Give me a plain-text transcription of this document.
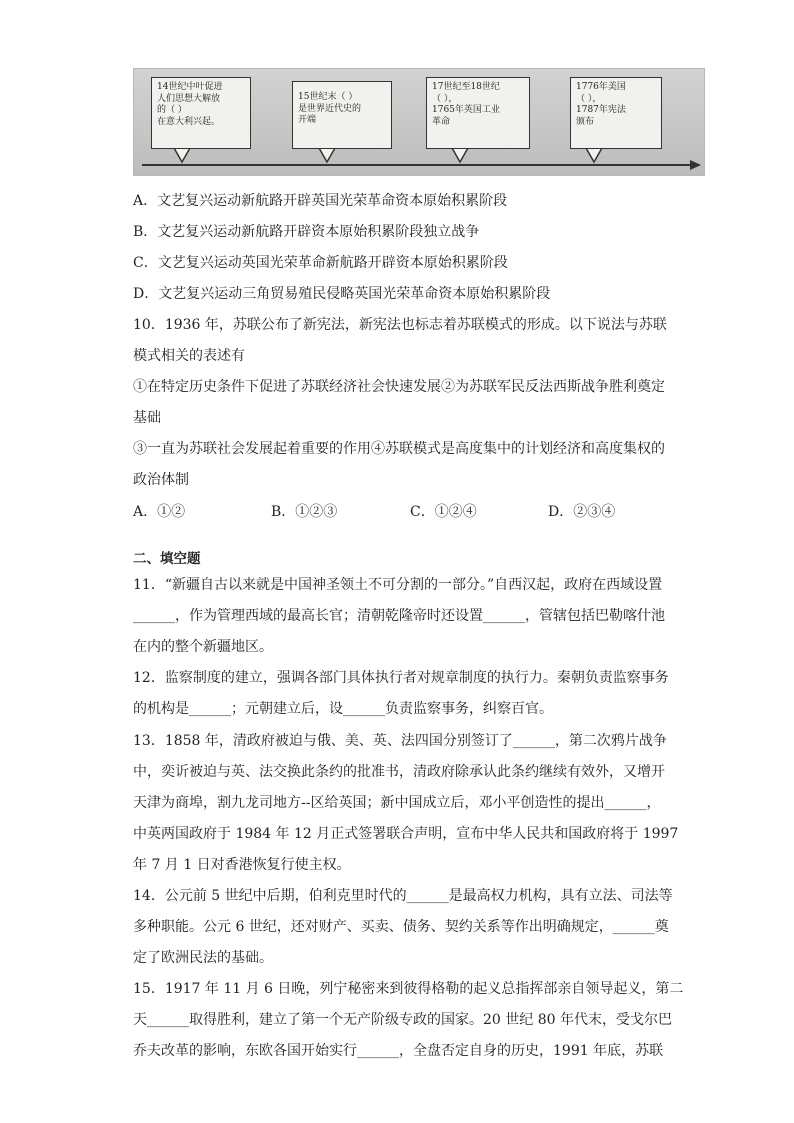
14世纪中叶促进
人们思想大解放
的（ ）
在意大利兴起。
15世纪末（ ）
是世界近代史的
开端
17世纪至18世纪
（ ），
1765年英国工业
革命
1776年美国
（ ），
1787年宪法
颁布
A．文艺复兴运动新航路开辟英国光荣革命资本原始积累阶段
B．文艺复兴运动新航路开辟资本原始积累阶段独立战争
C．文艺复兴运动英国光荣革命新航路开辟资本原始积累阶段
D．文艺复兴运动三角贸易殖民侵略英国光荣革命资本原始积累阶段
10．1936 年，苏联公布了新宪法，新宪法也标志着苏联模式的形成。以下说法与苏联
模式相关的表述有
①在特定历史条件下促进了苏联经济社会快速发展②为苏联军民反法西斯战争胜利奠定
基础
③一直为苏联社会发展起着重要的作用④苏联模式是高度集中的计划经济和高度集权的
政治体制
A．①②	B．①②③	C．①②④	D．②③④
二、填空题
11．“新疆自古以来就是中国神圣领土不可分割的一部分。”自西汉起，政府在西域设置
______，作为管理西域的最高长官；清朝乾隆帝时还设置______，管辖包括巴勒喀什池
在内的整个新疆地区。
12．监察制度的建立，强调各部门具体执行者对规章制度的执行力。秦朝负责监察事务
的机构是______；元朝建立后，设______负责监察事务，纠察百官。
13．1858 年，清政府被迫与俄、美、英、法四国分别签订了______，第二次鸦片战争
中，奕䜣被迫与英、法交换此条约的批准书，清政府除承认此条约继续有效外，又增开
天津为商埠，割九龙司地方--区给英国；新中国成立后，邓小平创造性的提出______，
中英两国政府于 1984 年 12 月正式签署联合声明，宣布中华人民共和国政府将于 1997
年 7 月 1 日对香港恢复行使主权。
14．公元前 5 世纪中后期，伯利克里时代的______是最高权力机构，具有立法、司法等
多种职能。公元 6 世纪，还对财产、买卖、债务、契约关系等作出明确规定，______奠
定了欧洲民法的基础。
15．1917 年 11 月 6 日晚，列宁秘密来到彼得格勒的起义总指挥部亲自领导起义，第二
天______取得胜利，建立了第一个无产阶级专政的国家。20 世纪 80 年代末，受戈尔巴
乔夫改革的影响，东欧各国开始实行______，全盘否定自身的历史，1991 年底，苏联
